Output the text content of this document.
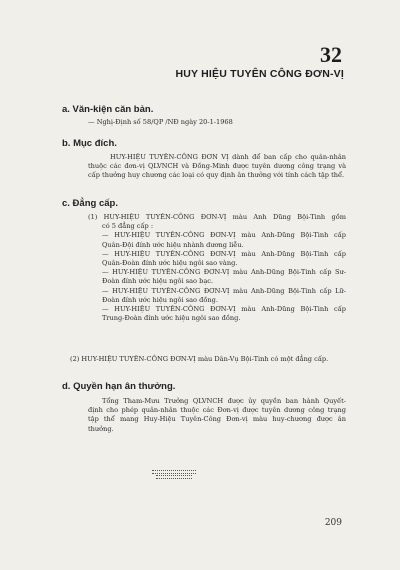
32
HUY HIỆU TUYÊN CÔNG ĐƠN-VỊ
a. Văn-kiện căn bản.
— Nghị-Định số 58/QP /NĐ ngày 20-1-1968
b. Mục đích.
HUY-HIỆU TUYÊN-CÔNG ĐƠN VỊ dành để ban cấp cho quân-nhân
thuộc các đơn-vị QLVNCH và Đồng-Minh được tuyên dương công trạng và
cấp thưởng huy chương các loại có quy định ân thưởng với tính cách tập thể.
c. Đẳng cấp.
(1) HUY-HIỆU TUYÊN-CÔNG ĐƠN-VỊ màu Anh Dũng Bội-Tinh gồm
có 5 đẳng cấp :
— HUY-HIỆU TUYÊN-CÔNG ĐƠN-VỊ màu Anh-Dũng Bội-Tinh cấp
Quân-Đội đính ước hiệu nhành dương liễu.
— HUY-HIỆU TUYÊN-CÔNG ĐƠN-VỊ màu Anh-Dũng Bội-Tinh cấp
Quân-Đoàn đính ước hiệu ngôi sao vàng.
— HUY-HIỆU TUYÊN-CÔNG ĐƠN-VỊ màu Anh-Dũng Bội-Tinh cấp Sư-
Đoàn đính ước hiệu ngôi sao bạc.
— HUY-HIỆU TUYÊN-CÔNG ĐƠN-VỊ màu Anh-Dũng Bội-Tinh cấp Lữ-
Đoàn đính ước hiệu ngôi sao đồng.
— HUY-HIỆU TUYÊN-CÔNG ĐƠN-VỊ màu Anh-Dũng Bội-Tinh cấp
Trung-Đoàn đính ước hiệu ngôi sao đồng.
(2) HUY-HIỆU TUYÊN-CÔNG ĐƠN-VỊ màu Dân-Vụ Bội-Tinh có một đẳng cấp.
d. Quyền hạn ân thưởng.
Tổng Tham-Mưu Trưởng QLVNCH được ủy quyền ban hành Quyết-
định cho phép quân-nhân thuộc các Đơn-vị được tuyên dương công trạng
tập thể mang Huy-Hiệu Tuyên-Công Đơn-vị màu huy-chương được ân
thưởng.
209
